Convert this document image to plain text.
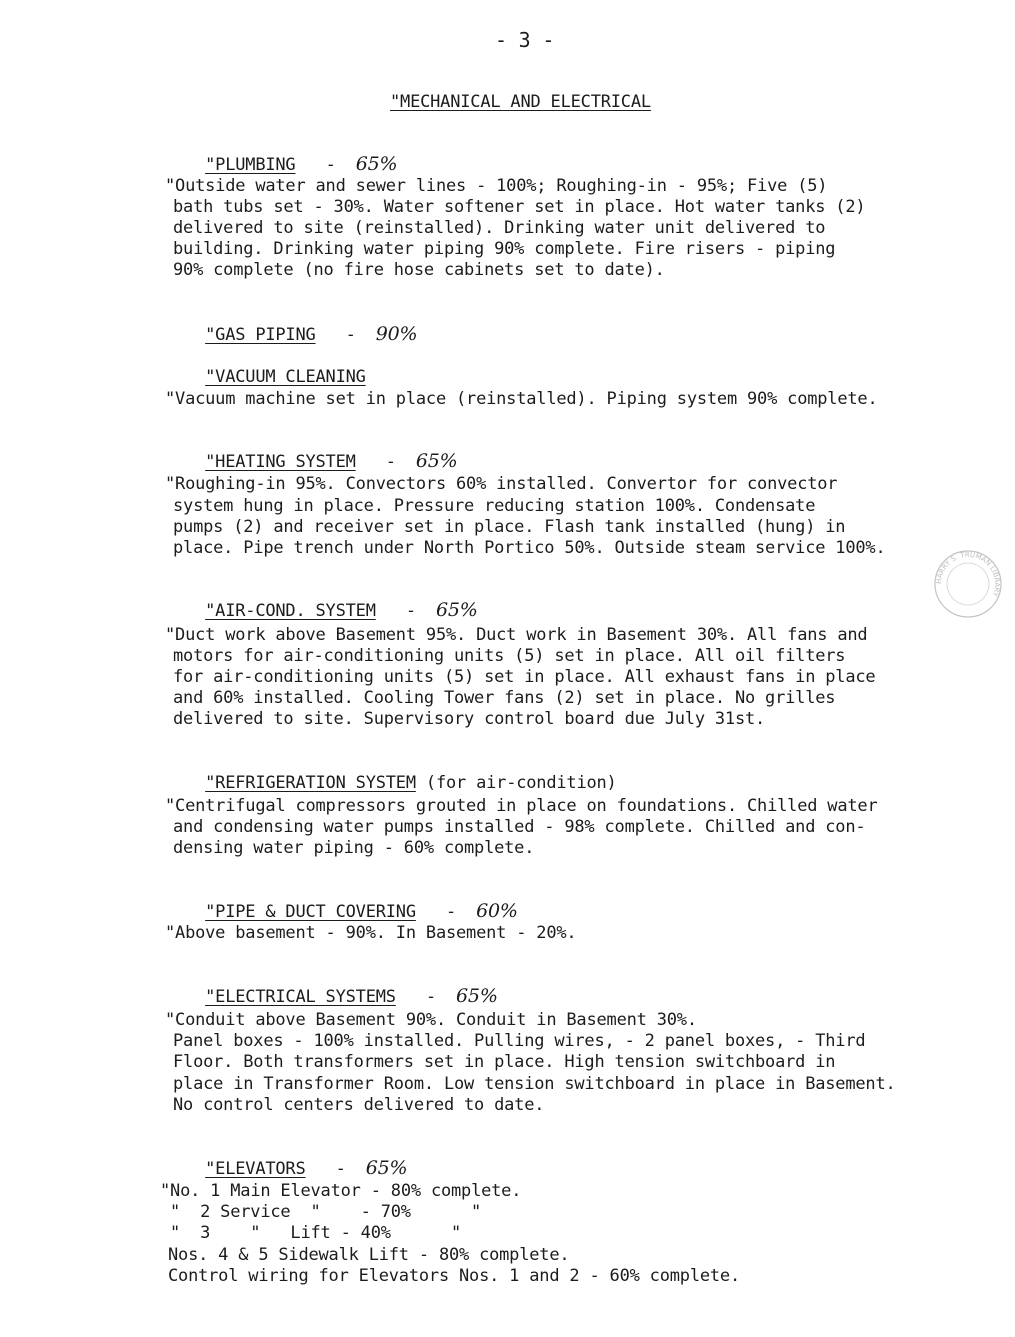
- 3 -
"MECHANICAL AND ELECTRICAL

"PLUMBING - 65%

"Outside water and sewer lines - 100%; Roughing-in - 95%; Five (5)
bath tubs set - 30%. Water softener set in place. Hot water tanks (2)
delivered to site (reinstalled). Drinking water unit delivered to
building. Drinking water piping 90% complete. Fire risers - piping
90% complete (no fire hose cabinets set to date).

"GAS PIPING - 90%

"VACUUM CLEANING

"Vacuum machine set in place (reinstalled). Piping system 90% complete.

"HEATING SYSTEM - 65%

"Roughing-in 95%. Convectors 60% installed. Convertor for convector
system hung in place. Pressure reducing station 100%. Condensate
pumps (2) and receiver set in place. Flash tank installed (hung) in
place. Pipe trench under North Portico 50%. Outside steam service 100%.

"AIR-COND. SYSTEM - 65%

"Duct work above Basement 95%. Duct work in Basement 30%. All fans and
motors for air-conditioning units (5) set in place. All oil filters
for air-conditioning units (5) set in place. All exhaust fans in place
and 60% installed. Cooling Tower fans (2) set in place. No grilles
delivered to site. Supervisory control board due July 31st.

"REFRIGERATION SYSTEM (for air-condition)

"Centrifugal compressors grouted in place on foundations. Chilled water
and condensing water pumps installed - 98% complete. Chilled and con-
densing water piping - 60% complete.

"PIPE & DUCT COVERING - 60%

"Above basement - 90%. In Basement - 20%.

"ELECTRICAL SYSTEMS - 65%

"Conduit above Basement 90%. Conduit in Basement 30%.
Panel boxes - 100% installed. Pulling wires, - 2 panel boxes, - Third
Floor. Both transformers set in place. High tension switchboard in
place in Transformer Room. Low tension switchboard in place in Basement.
No control centers delivered to date.

"ELEVATORS - 65%

"No. 1 Main Elevator - 80% complete.
"  2 Service  "    - 70%      "
"  3    "   Lift - 40%      "
Nos. 4 & 5 Sidewalk Lift - 80% complete.
Control wiring for Elevators Nos. 1 and 2 - 60% complete.
HARRY S. TRUMAN LIBRARY
